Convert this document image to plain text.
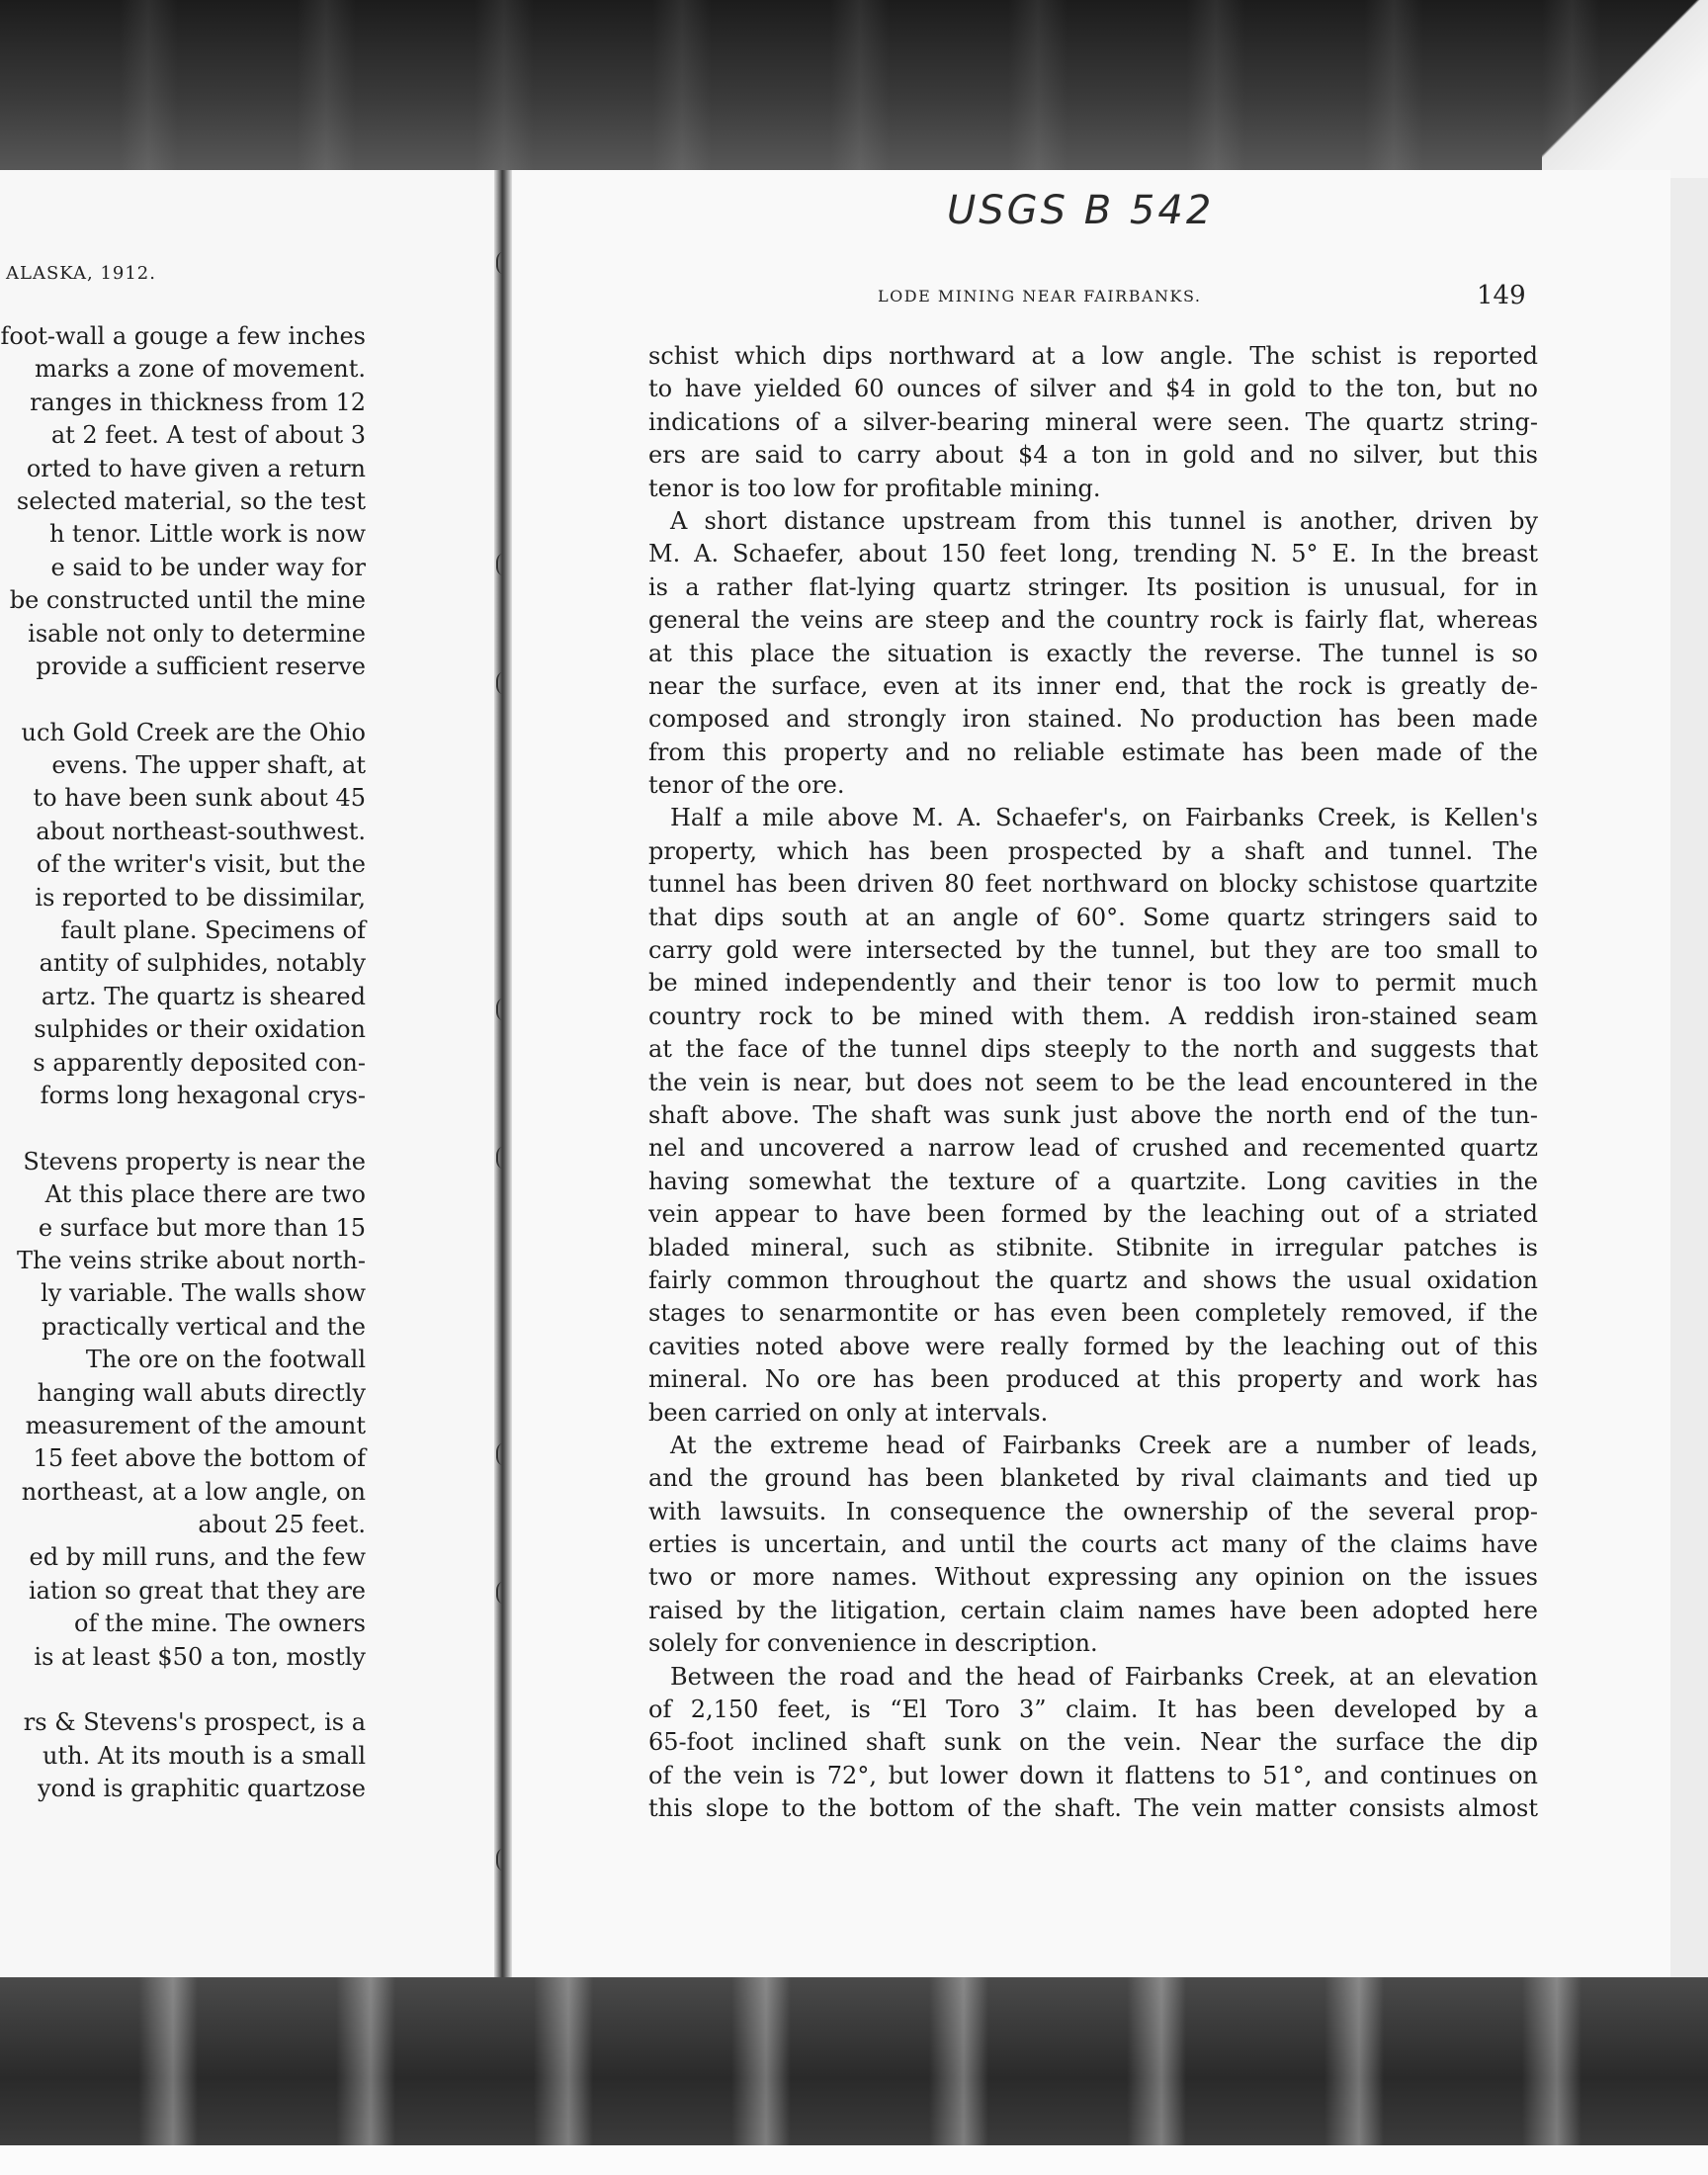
ALASKA, 1912.
foot-wall a gouge a few inches
marks a zone of movement.
ranges in thickness from 12
at 2 feet. A test of about 3
orted to have given a return
selected material, so the test
h tenor. Little work is now
e said to be under way for
be constructed until the mine
isable not only to determine
provide a sufficient reserve
uch Gold Creek are the Ohio
evens. The upper shaft, at
to have been sunk about 45
about northeast-southwest.
of the writer's visit, but the
is reported to be dissimilar,
fault plane. Specimens of
antity of sulphides, notably
artz. The quartz is sheared
sulphides or their oxidation
s apparently deposited con-
forms long hexagonal crys-
Stevens property is near the
At this place there are two
e surface but more than 15
The veins strike about north-
ly variable. The walls show
practically vertical and the
The ore on the footwall
hanging wall abuts directly
measurement of the amount
15 feet above the bottom of
northeast, at a low angle, on
about 25 feet.
ed by mill runs, and the few
iation so great that they are
of the mine. The owners
is at least $50 a ton, mostly
rs & Stevens's prospect, is a
uth. At its mouth is a small
yond is graphitic quartzose
USGS B 542
LODE MINING NEAR FAIRBANKS.	149
schist which dips northward at a low angle. The schist is reported
to have yielded 60 ounces of silver and $4 in gold to the ton, but no
indications of a silver-bearing mineral were seen. The quartz string-
ers are said to carry about $4 a ton in gold and no silver, but this
tenor is too low for profitable mining.
A short distance upstream from this tunnel is another, driven by
M. A. Schaefer, about 150 feet long, trending N. 5° E. In the breast
is a rather flat-lying quartz stringer. Its position is unusual, for in
general the veins are steep and the country rock is fairly flat, whereas
at this place the situation is exactly the reverse. The tunnel is so
near the surface, even at its inner end, that the rock is greatly de-
composed and strongly iron stained. No production has been made
from this property and no reliable estimate has been made of the
tenor of the ore.
Half a mile above M. A. Schaefer's, on Fairbanks Creek, is Kellen's
property, which has been prospected by a shaft and tunnel. The
tunnel has been driven 80 feet northward on blocky schistose quartzite
that dips south at an angle of 60°. Some quartz stringers said to
carry gold were intersected by the tunnel, but they are too small to
be mined independently and their tenor is too low to permit much
country rock to be mined with them. A reddish iron-stained seam
at the face of the tunnel dips steeply to the north and suggests that
the vein is near, but does not seem to be the lead encountered in the
shaft above. The shaft was sunk just above the north end of the tun-
nel and uncovered a narrow lead of crushed and recemented quartz
having somewhat the texture of a quartzite. Long cavities in the
vein appear to have been formed by the leaching out of a striated
bladed mineral, such as stibnite. Stibnite in irregular patches is
fairly common throughout the quartz and shows the usual oxidation
stages to senarmontite or has even been completely removed, if the
cavities noted above were really formed by the leaching out of this
mineral. No ore has been produced at this property and work has
been carried on only at intervals.
At the extreme head of Fairbanks Creek are a number of leads,
and the ground has been blanketed by rival claimants and tied up
with lawsuits. In consequence the ownership of the several prop-
erties is uncertain, and until the courts act many of the claims have
two or more names. Without expressing any opinion on the issues
raised by the litigation, certain claim names have been adopted here
solely for convenience in description.
Between the road and the head of Fairbanks Creek, at an elevation
of 2,150 feet, is “El Toro 3” claim. It has been developed by a
65-foot inclined shaft sunk on the vein. Near the surface the dip
of the vein is 72°, but lower down it flattens to 51°, and continues on
this slope to the bottom of the shaft. The vein matter consists almost
